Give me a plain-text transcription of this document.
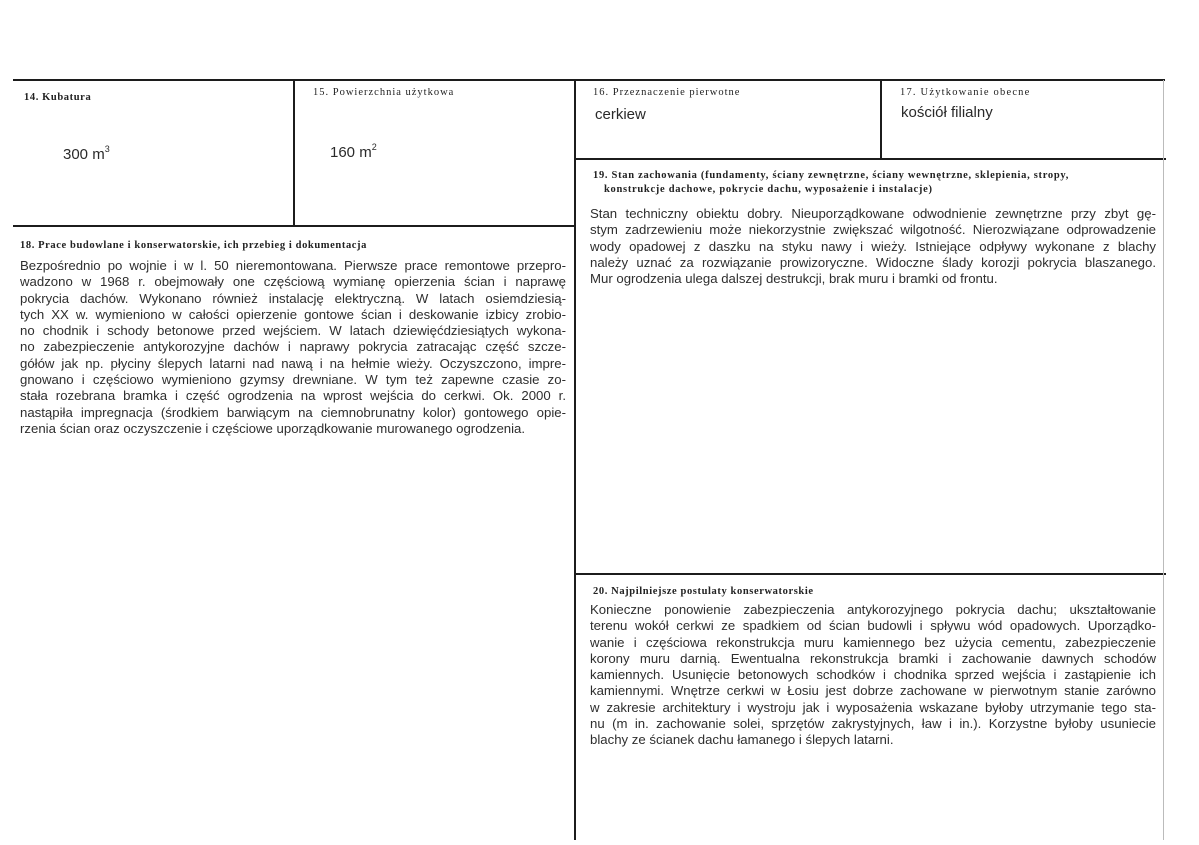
14. Kubatura
300 $m^3$
15. Powierzchnia użytkowa
160 $m^2$
16. Przeznaczenie pierwotne
cerkiew
17. Użytkowanie obecne
kościół filialny
19. Stan zachowania (fundamenty, ściany zewnętrzne, ściany wewnętrzne, sklepienia, stropy,
konstrukcje dachowe, pokrycie dachu, wyposażenie i instalacje)
Stan techniczny obiektu dobry. Nieuporządkowane odwodnienie zewnętrzne przy zbyt gę-
stym zadrzewieniu może niekorzystnie zwiększać wilgotność. Nierozwiązane odprowadzenie
wody opadowej z daszku na styku nawy i wieży. Istniejące odpływy wykonane z blachy
należy uznać za rozwiązanie prowizoryczne. Widoczne ślady korozji pokrycia blaszanego.
Mur ogrodzenia ulega dalszej destrukcji, brak muru i bramki od frontu.
18. Prace budowlane i konserwatorskie, ich przebieg i dokumentacja
Bezpośrednio po wojnie i w l. 50 nieremontowana. Pierwsze prace remontowe przepro-
wadzono w 1968 r. obejmowały one częściową wymianę opierzenia ścian i naprawę
pokrycia dachów. Wykonano również instalację elektryczną. W latach osiemdziesią-
tych XX w. wymieniono w całości opierzenie gontowe ścian i deskowanie izbicy zrobio-
no chodnik i schody betonowe przed wejściem. W latach dziewięćdziesiątych wykona-
no zabezpieczenie antykorozyjne dachów i naprawy pokrycia zatracając część szcze-
gółów jak np. płyciny ślepych latarni nad nawą i na hełmie wieży. Oczyszczono, impre-
gnowano i częściowo wymieniono gzymsy drewniane. W tym też zapewne czasie zo-
stała rozebrana bramka i część ogrodzenia na wprost wejścia do cerkwi. Ok. 2000 r.
nastąpiła impregnacja (środkiem barwiącym na ciemnobrunatny kolor) gontowego opie-
rzenia ścian oraz oczyszczenie i częściowe uporządkowanie murowanego ogrodzenia.
20. Najpilniejsze postulaty konserwatorskie
Konieczne ponowienie zabezpieczenia antykorozyjnego pokrycia dachu; ukształtowanie
terenu wokół cerkwi ze spadkiem od ścian budowli i spływu wód opadowych. Uporządko-
wanie i częściowa rekonstrukcja muru kamiennego bez użycia cementu, zabezpieczenie
korony muru darnią. Ewentualna rekonstrukcja bramki i zachowanie dawnych schodów
kamiennych. Usunięcie betonowych schodków i chodnika sprzed wejścia i zastąpienie ich
kamiennymi. Wnętrze cerkwi w Łosiu jest dobrze zachowane w pierwotnym stanie zarówno
w zakresie architektury i wystroju jak i wyposażenia wskazane byłoby utrzymanie tego sta-
nu (m in. zachowanie solei, sprzętów zakrystyjnych, ław i in.). Korzystne byłoby usuniecie
blachy ze ścianek dachu łamanego i ślepych latarni.
